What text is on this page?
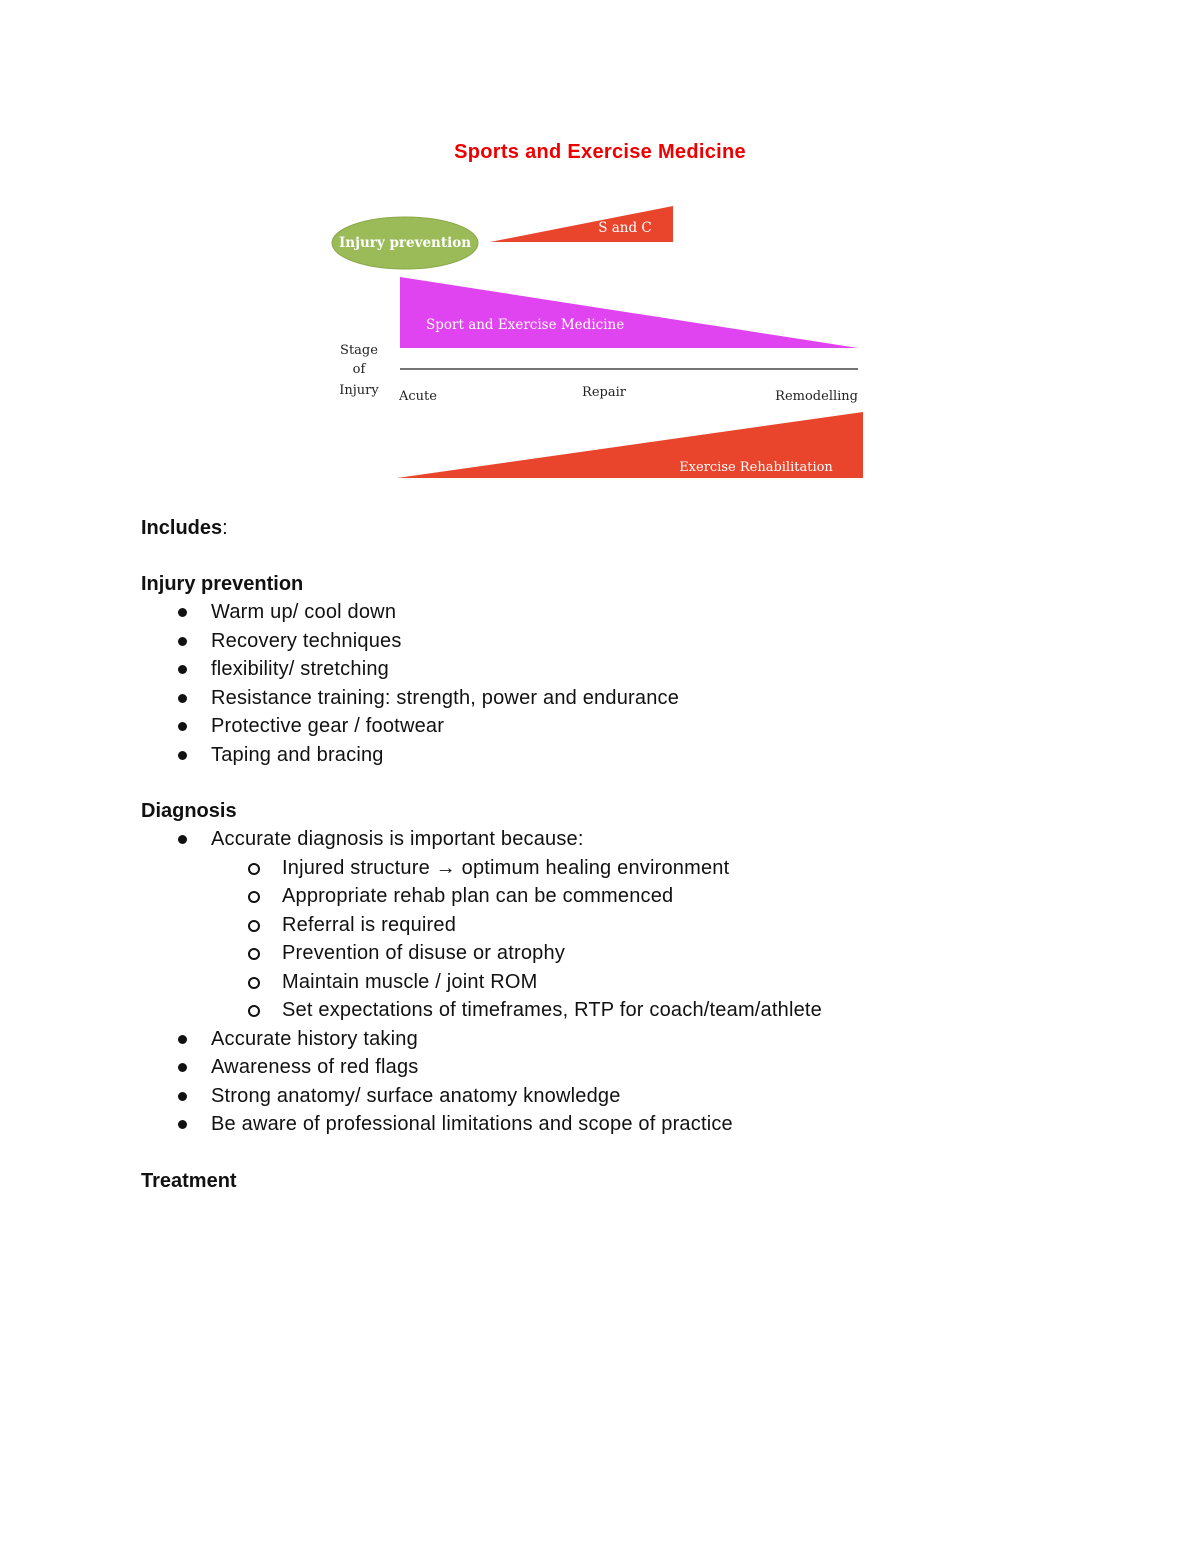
Sports and Exercise Medicine
Injury prevention
S and C
Sport and Exercise Medicine
Stage
of
Injury Acute	Repair	Remodelling
Exercise Rehabilitation
Includes:
Injury prevention
Warm up/ cool down
Recovery techniques
flexibility/ stretching
Resistance training: strength, power and endurance
Protective gear / footwear
Taping and bracing
Diagnosis
Accurate diagnosis is important because:
Injured structure → optimum healing environment
Appropriate rehab plan can be commenced
Referral is required
Prevention of disuse or atrophy
Maintain muscle / joint ROM
Set expectations of timeframes, RTP for coach/team/athlete
Accurate history taking
Awareness of red flags
Strong anatomy/ surface anatomy knowledge
Be aware of professional limitations and scope of practice
Treatment
